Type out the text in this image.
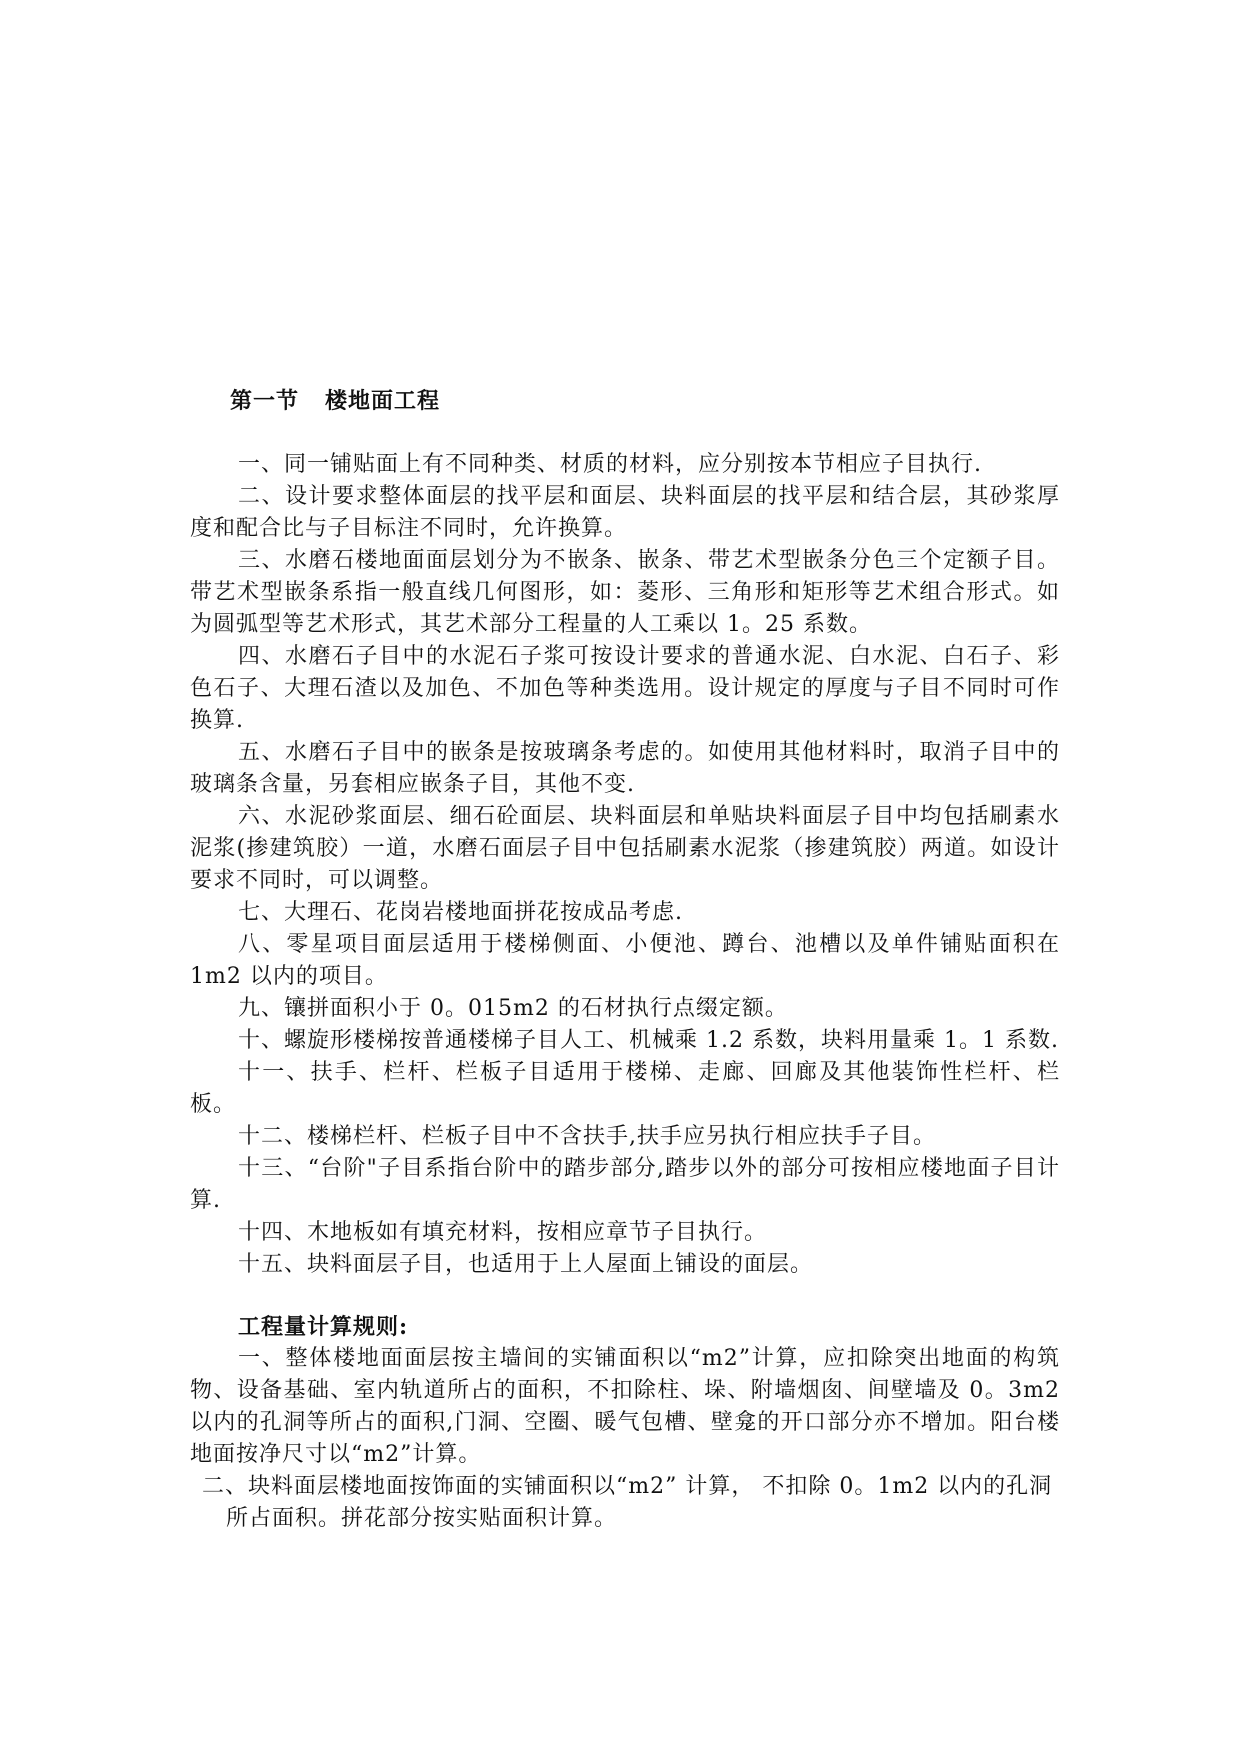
第一节 楼地面工程

一、同一铺贴面上有不同种类、材质的材料，应分别按本节相应子目执行.

二、设计要求整体面层的找平层和面层、块料面层的找平层和结合层，其砂浆厚度和配合比与子目标注不同时，允许换算。

三、水磨石楼地面面层划分为不嵌条、嵌条、带艺术型嵌条分色三个定额子目。带艺术型嵌条系指一般直线几何图形，如：菱形、三角形和矩形等艺术组合形式。如为圆弧型等艺术形式，其艺术部分工程量的人工乘以 1。25 系数。

四、水磨石子目中的水泥石子浆可按设计要求的普通水泥、白水泥、白石子、彩色石子、大理石渣以及加色、不加色等种类选用。设计规定的厚度与子目不同时可作换算.

五、水磨石子目中的嵌条是按玻璃条考虑的。如使用其他材料时，取消子目中的玻璃条含量，另套相应嵌条子目，其他不变.

六、水泥砂浆面层、细石砼面层、块料面层和单贴块料面层子目中均包括刷素水泥浆(掺建筑胶）一道，水磨石面层子目中包括刷素水泥浆（掺建筑胶）两道。如设计要求不同时，可以调整。

七、大理石、花岗岩楼地面拼花按成品考虑.

八、零星项目面层适用于楼梯侧面、小便池、蹲台、池槽以及单件铺贴面积在 1m2 以内的项目。

九、镶拼面积小于 0。015m2 的石材执行点缀定额。

十、螺旋形楼梯按普通楼梯子目人工、机械乘 1.2 系数，块料用量乘 1。1 系数.

十一、扶手、栏杆、栏板子目适用于楼梯、走廊、回廊及其他装饰性栏杆、栏板。

十二、楼梯栏杆、栏板子目中不含扶手,扶手应另执行相应扶手子目。

十三、“台阶"子目系指台阶中的踏步部分,踏步以外的部分可按相应楼地面子目计算.

十四、木地板如有填充材料，按相应章节子目执行。

十五、块料面层子目，也适用于上人屋面上铺设的面层。

工程量计算规则:

一、整体楼地面面层按主墙间的实铺面积以“m2”计算，应扣除突出地面的构筑物、设备基础、室内轨道所占的面积，不扣除柱、垛、附墙烟囱、间壁墙及 0。3m2 以内的孔洞等所占的面积,门洞、空圈、暖气包槽、壁龛的开口部分亦不增加。阳台楼地面按净尺寸以“m2”计算。

二、块料面层楼地面按饰面的实铺面积以“m2” 计算， 不扣除 0。1m2 以内的孔洞所占面积。拼花部分按实贴面积计算。
